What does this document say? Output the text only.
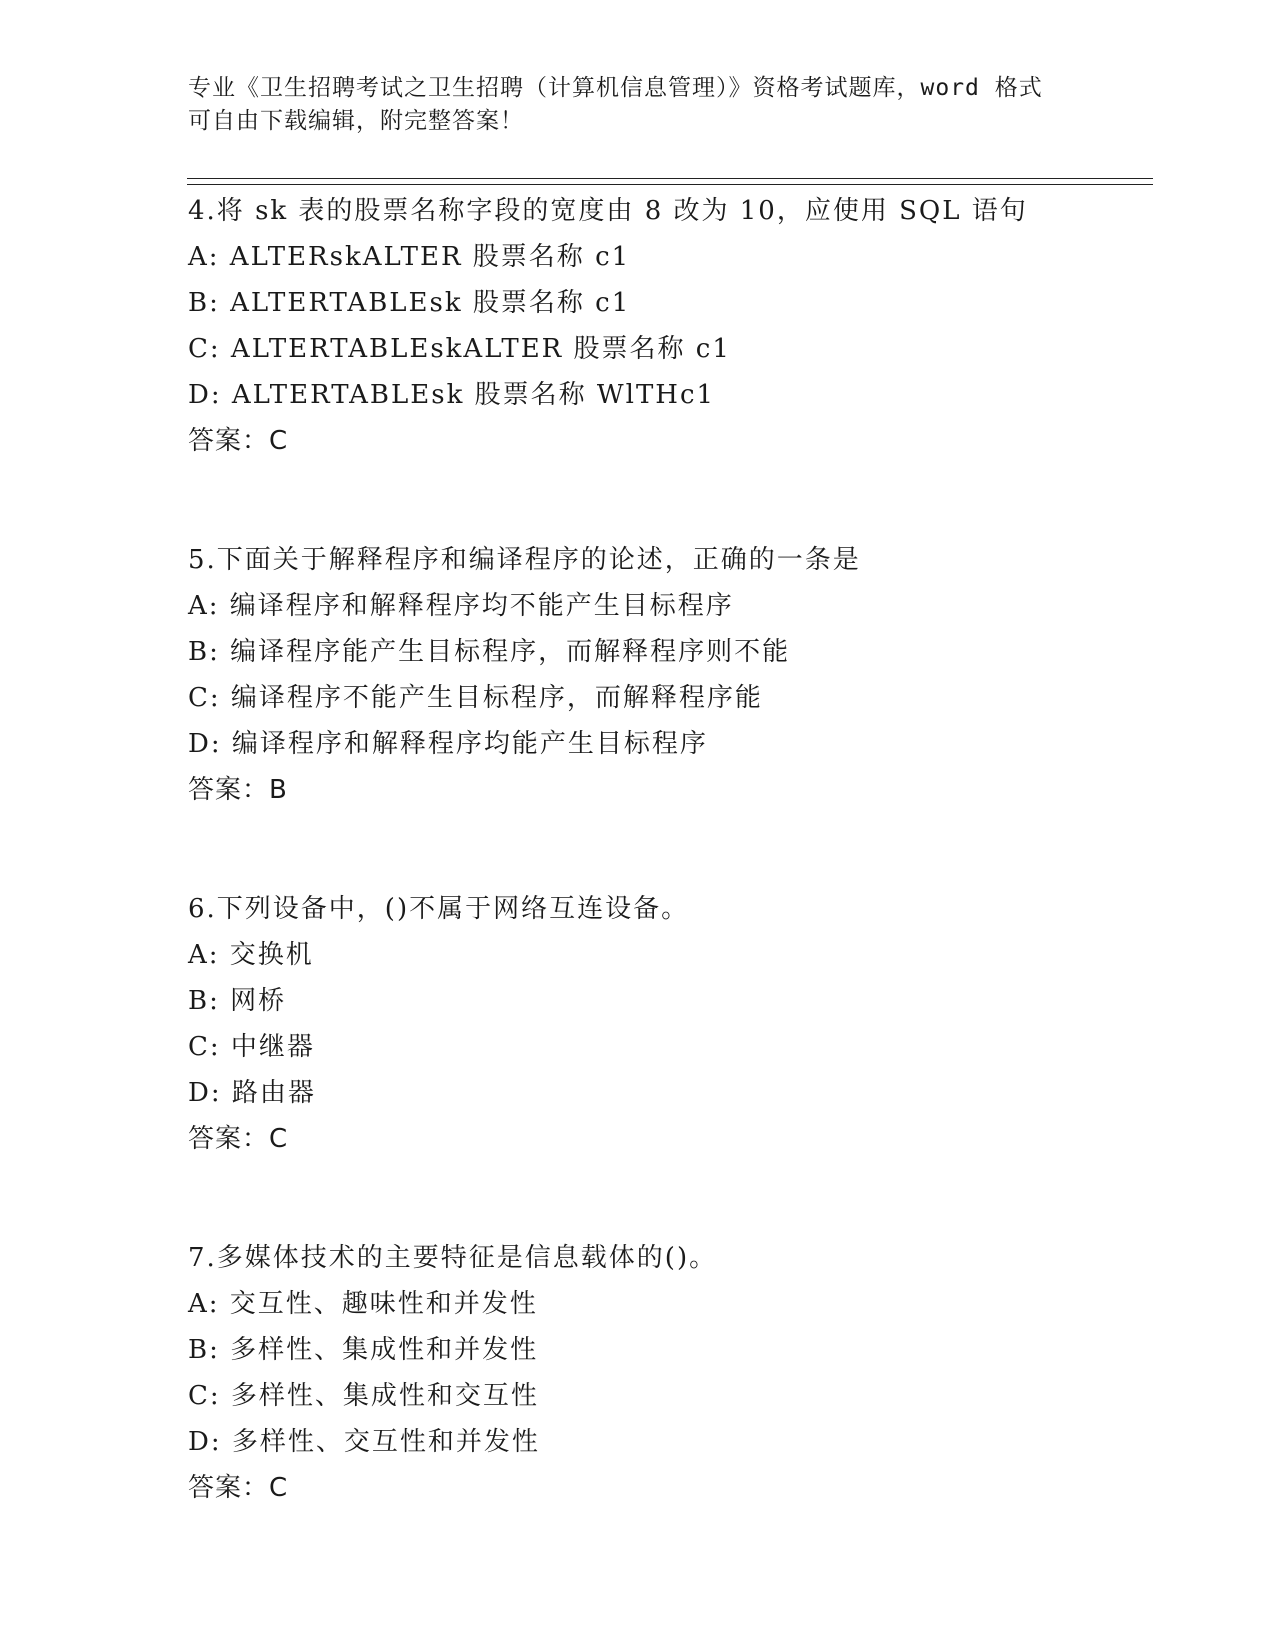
专业《卫生招聘考试之卫生招聘（计算机信息管理）》资格考试题库，word 格式
可自由下载编辑，附完整答案！
4.将 sk 表的股票名称字段的宽度由 8 改为 10，应使用 SQL 语句
A: ALTERskALTER 股票名称 c1
B: ALTERTABLEsk 股票名称 c1
C: ALTERTABLEskALTER 股票名称 c1
D: ALTERTABLEsk 股票名称 WlTHc1
答案：C
5.下面关于解释程序和编译程序的论述，正确的一条是
A: 编译程序和解释程序均不能产生目标程序
B: 编译程序能产生目标程序，而解释程序则不能
C: 编译程序不能产生目标程序，而解释程序能
D: 编译程序和解释程序均能产生目标程序
答案：B
6.下列设备中，()不属于网络互连设备。
A: 交换机
B: 网桥
C: 中继器
D: 路由器
答案：C
7.多媒体技术的主要特征是信息载体的()。
A: 交互性、趣味性和并发性
B: 多样性、集成性和并发性
C: 多样性、集成性和交互性
D: 多样性、交互性和并发性
答案：C
